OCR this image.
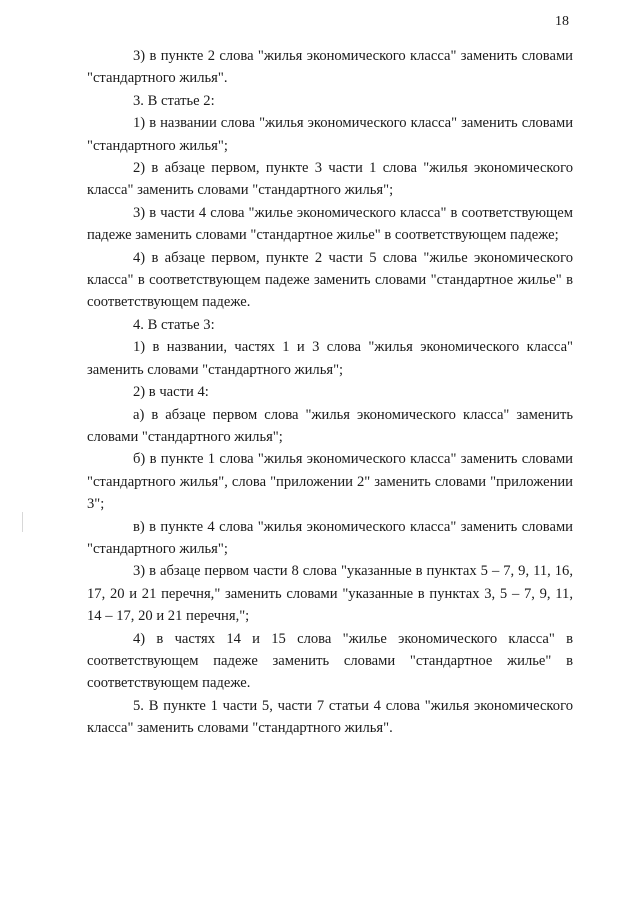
18

3) в пункте 2 слова "жилья экономического класса" заменить словами "стандартного жилья".

3. В статье 2:

1) в названии слова "жилья экономического класса" заменить словами "стандартного жилья";

2) в абзаце первом, пункте 3 части 1 слова "жилья экономического класса" заменить словами "стандартного жилья";

3) в части 4 слова "жилье экономического класса" в соответствующем падеже заменить словами "стандартное жилье" в соответствующем падеже;

4) в абзаце первом, пункте 2 части 5 слова "жилье экономического класса" в соответствующем падеже заменить словами "стандартное жилье" в соответствующем падеже.

4. В статье 3:

1) в названии, частях 1 и 3 слова "жилья экономического класса" заменить словами "стандартного жилья";

2) в части 4:

а) в абзаце первом слова "жилья экономического класса" заменить словами "стандартного жилья";

б) в пункте 1 слова "жилья экономического класса" заменить словами "стандартного жилья", слова "приложении 2" заменить словами "приложении 3";

в) в пункте 4 слова "жилья экономического класса" заменить словами "стандартного жилья";

3) в абзаце первом части 8 слова "указанные в пунктах 5 – 7, 9, 11, 16, 17, 20 и 21 перечня," заменить словами "указанные в пунктах 3, 5 – 7, 9, 11, 14 – 17, 20 и 21 перечня,";

4) в частях 14 и 15 слова "жилье экономического класса" в соответствующем падеже заменить словами "стандартное жилье" в соответствующем падеже.

5. В пункте 1 части 5, части 7 статьи 4 слова "жилья экономического класса" заменить словами "стандартного жилья".
